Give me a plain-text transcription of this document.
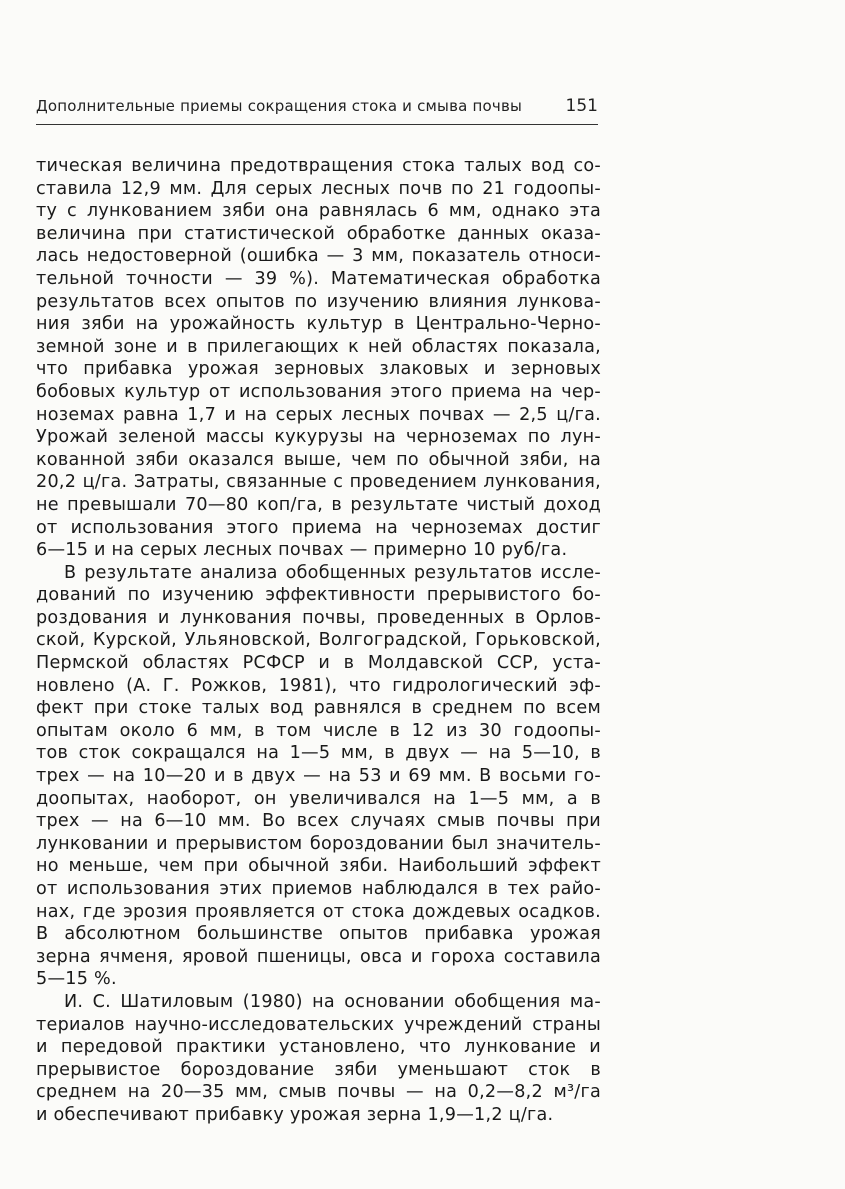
Дополнительные приемы сокращения стока и смыва почвы	151
тическая величина предотвращения стока талых вод со-
ставила 12,9 мм. Для серых лесных почв по 21 годоопы-
ту с лункованием зяби она равнялась 6 мм, однако эта
величина при статистической обработке данных оказа-
лась недостоверной (ошибка — 3 мм, показатель относи-
тельной точности — 39 %). Математическая обработка
результатов всех опытов по изучению влияния лункова-
ния зяби на урожайность культур в Центрально-Черно-
земной зоне и в прилегающих к ней областях показала,
что прибавка урожая зерновых злаковых и зерновых
бобовых культур от использования этого приема на чер-
ноземах равна 1,7 и на серых лесных почвах — 2,5 ц/га.
Урожай зеленой массы кукурузы на черноземах по лун-
кованной зяби оказался выше, чем по обычной зяби, на
20,2 ц/га. Затраты, связанные с проведением лункования,
не превышали 70—80 коп/га, в результате чистый доход
от использования этого приема на черноземах достиг
6—15 и на серых лесных почвах — примерно 10 руб/га.
В результате анализа обобщенных результатов иссле-
дований по изучению эффективности прерывистого бо-
роздования и лункования почвы, проведенных в Орлов-
ской, Курской, Ульяновской, Волгоградской, Горьковской,
Пермской областях РСФСР и в Молдавской ССР, уста-
новлено (А. Г. Рожков, 1981), что гидрологический эф-
фект при стоке талых вод равнялся в среднем по всем
опытам около 6 мм, в том числе в 12 из 30 годоопы-
тов сток сокращался на 1—5 мм, в двух — на 5—10, в
трех — на 10—20 и в двух — на 53 и 69 мм. В восьми го-
доопытах, наоборот, он увеличивался на 1—5 мм, а в
трех — на 6—10 мм. Во всех случаях смыв почвы при
лунковании и прерывистом бороздовании был значитель-
но меньше, чем при обычной зяби. Наибольший эффект
от использования этих приемов наблюдался в тех райо-
нах, где эрозия проявляется от стока дождевых осадков.
В абсолютном большинстве опытов прибавка урожая
зерна ячменя, яровой пшеницы, овса и гороха составила
5—15 %.
И. С. Шатиловым (1980) на основании обобщения ма-
териалов научно-исследовательских учреждений страны
и передовой практики установлено, что лункование и
прерывистое бороздование зяби уменьшают сток в
среднем на 20—35 мм, смыв почвы — на 0,2—8,2 м³/га
и обеспечивают прибавку урожая зерна 1,9—1,2 ц/га.
